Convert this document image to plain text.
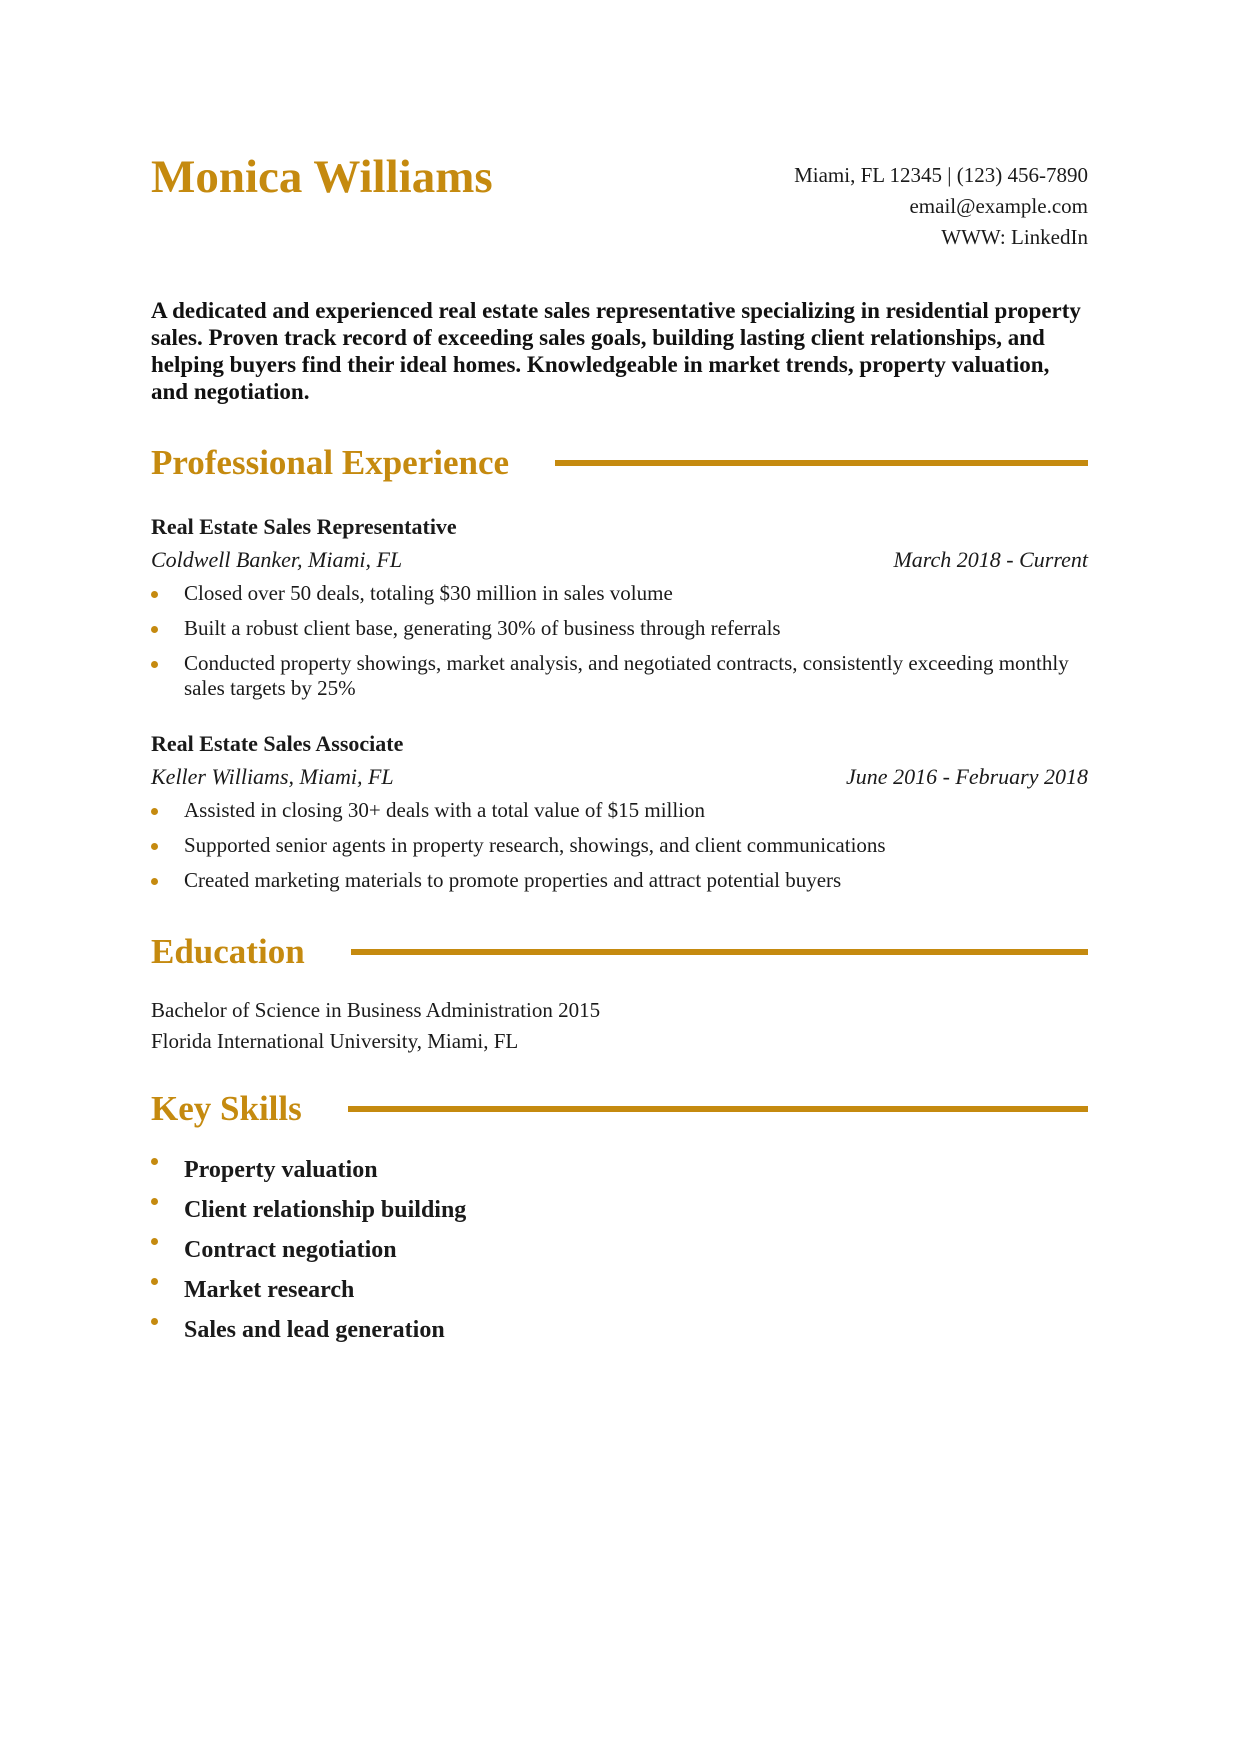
Monica Williams	Miami, FL 12345 | (123) 456-7890
email@example.com
WWW: LinkedIn

A dedicated and experienced real estate sales representative specializing in residential property sales. Proven track record of exceeding sales goals, building lasting client relationships, and helping buyers find their ideal homes. Knowledgeable in market trends, property valuation, and negotiation.

Professional Experience
Real Estate Sales Representative
Coldwell Banker, Miami, FL	March 2018 - Current
Closed over 50 deals, totaling $30 million in sales volume
Built a robust client base, generating 30% of business through referrals
Conducted property showings, market analysis, and negotiated contracts, consistently exceeding monthly sales targets by 25%
Real Estate Sales Associate
Keller Williams, Miami, FL	June 2016 - February 2018
Assisted in closing 30+ deals with a total value of $15 million
Supported senior agents in property research, showings, and client communications
Created marketing materials to promote properties and attract potential buyers
Education
Bachelor of Science in Business Administration 2015
Florida International University, Miami, FL
Key Skills
Property valuation
Client relationship building
Contract negotiation
Market research
Sales and lead generation
